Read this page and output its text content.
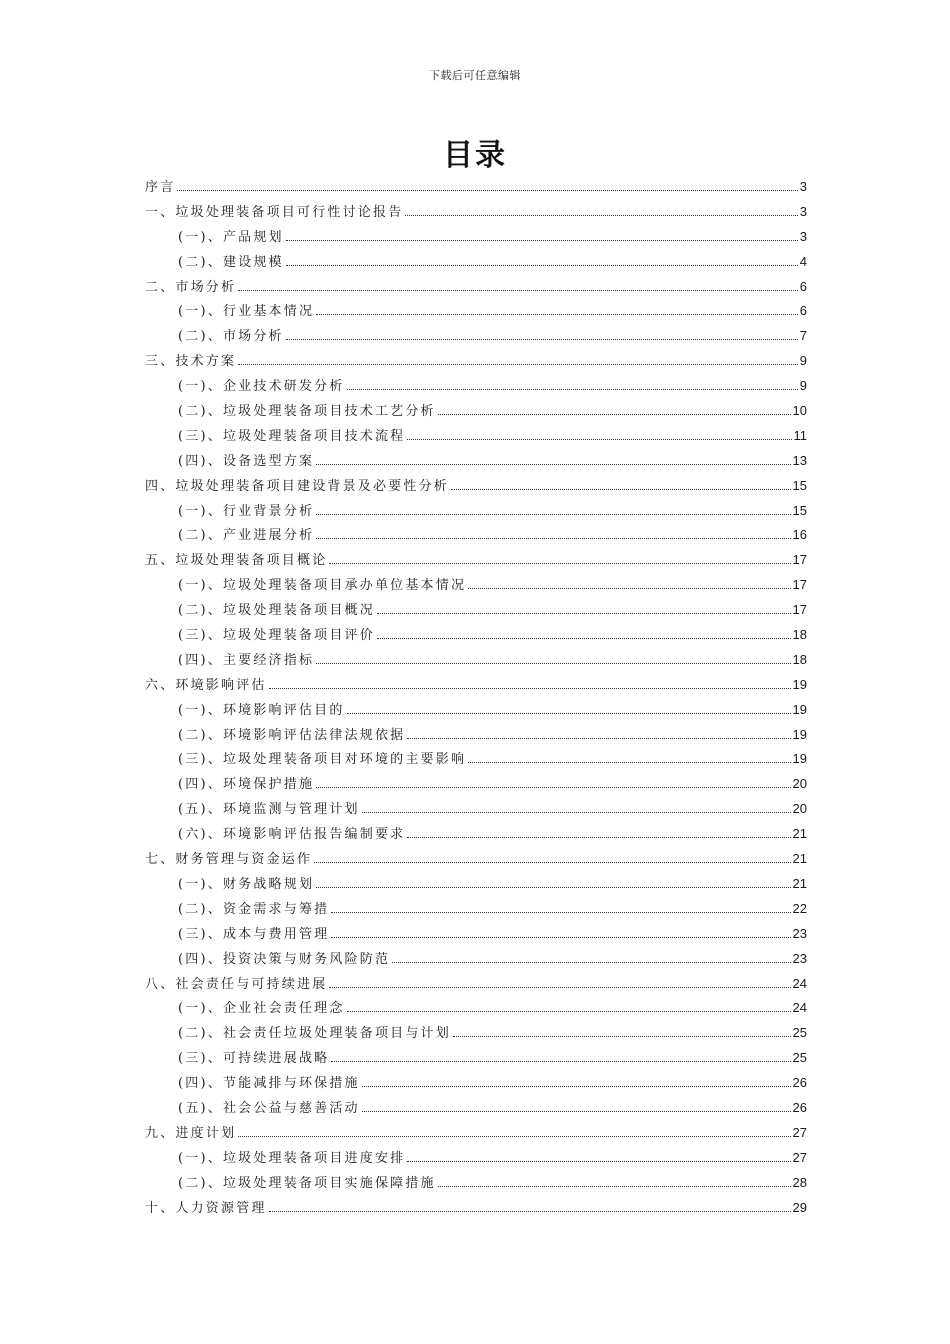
下载后可任意编辑
目录
序言	3
一、垃圾处理装备项目可行性讨论报告	3
(一)、产品规划	3
(二)、建设规模	4
二、市场分析	6
(一)、行业基本情况	6
(二)、市场分析	7
三、技术方案	9
(一)、企业技术研发分析	9
(二)、垃圾处理装备项目技术工艺分析	10
(三)、垃圾处理装备项目技术流程	11
(四)、设备选型方案	13
四、垃圾处理装备项目建设背景及必要性分析	15
(一)、行业背景分析	15
(二)、产业进展分析	16
五、垃圾处理装备项目概论	17
(一)、垃圾处理装备项目承办单位基本情况	17
(二)、垃圾处理装备项目概况	17
(三)、垃圾处理装备项目评价	18
(四)、主要经济指标	18
六、环境影响评估	19
(一)、环境影响评估目的	19
(二)、环境影响评估法律法规依据	19
(三)、垃圾处理装备项目对环境的主要影响	19
(四)、环境保护措施	20
(五)、环境监测与管理计划	20
(六)、环境影响评估报告编制要求	21
七、财务管理与资金运作	21
(一)、财务战略规划	21
(二)、资金需求与筹措	22
(三)、成本与费用管理	23
(四)、投资决策与财务风险防范	23
八、社会责任与可持续进展	24
(一)、企业社会责任理念	24
(二)、社会责任垃圾处理装备项目与计划	25
(三)、可持续进展战略	25
(四)、节能减排与环保措施	26
(五)、社会公益与慈善活动	26
九、进度计划	27
(一)、垃圾处理装备项目进度安排	27
(二)、垃圾处理装备项目实施保障措施	28
十、人力资源管理	29
